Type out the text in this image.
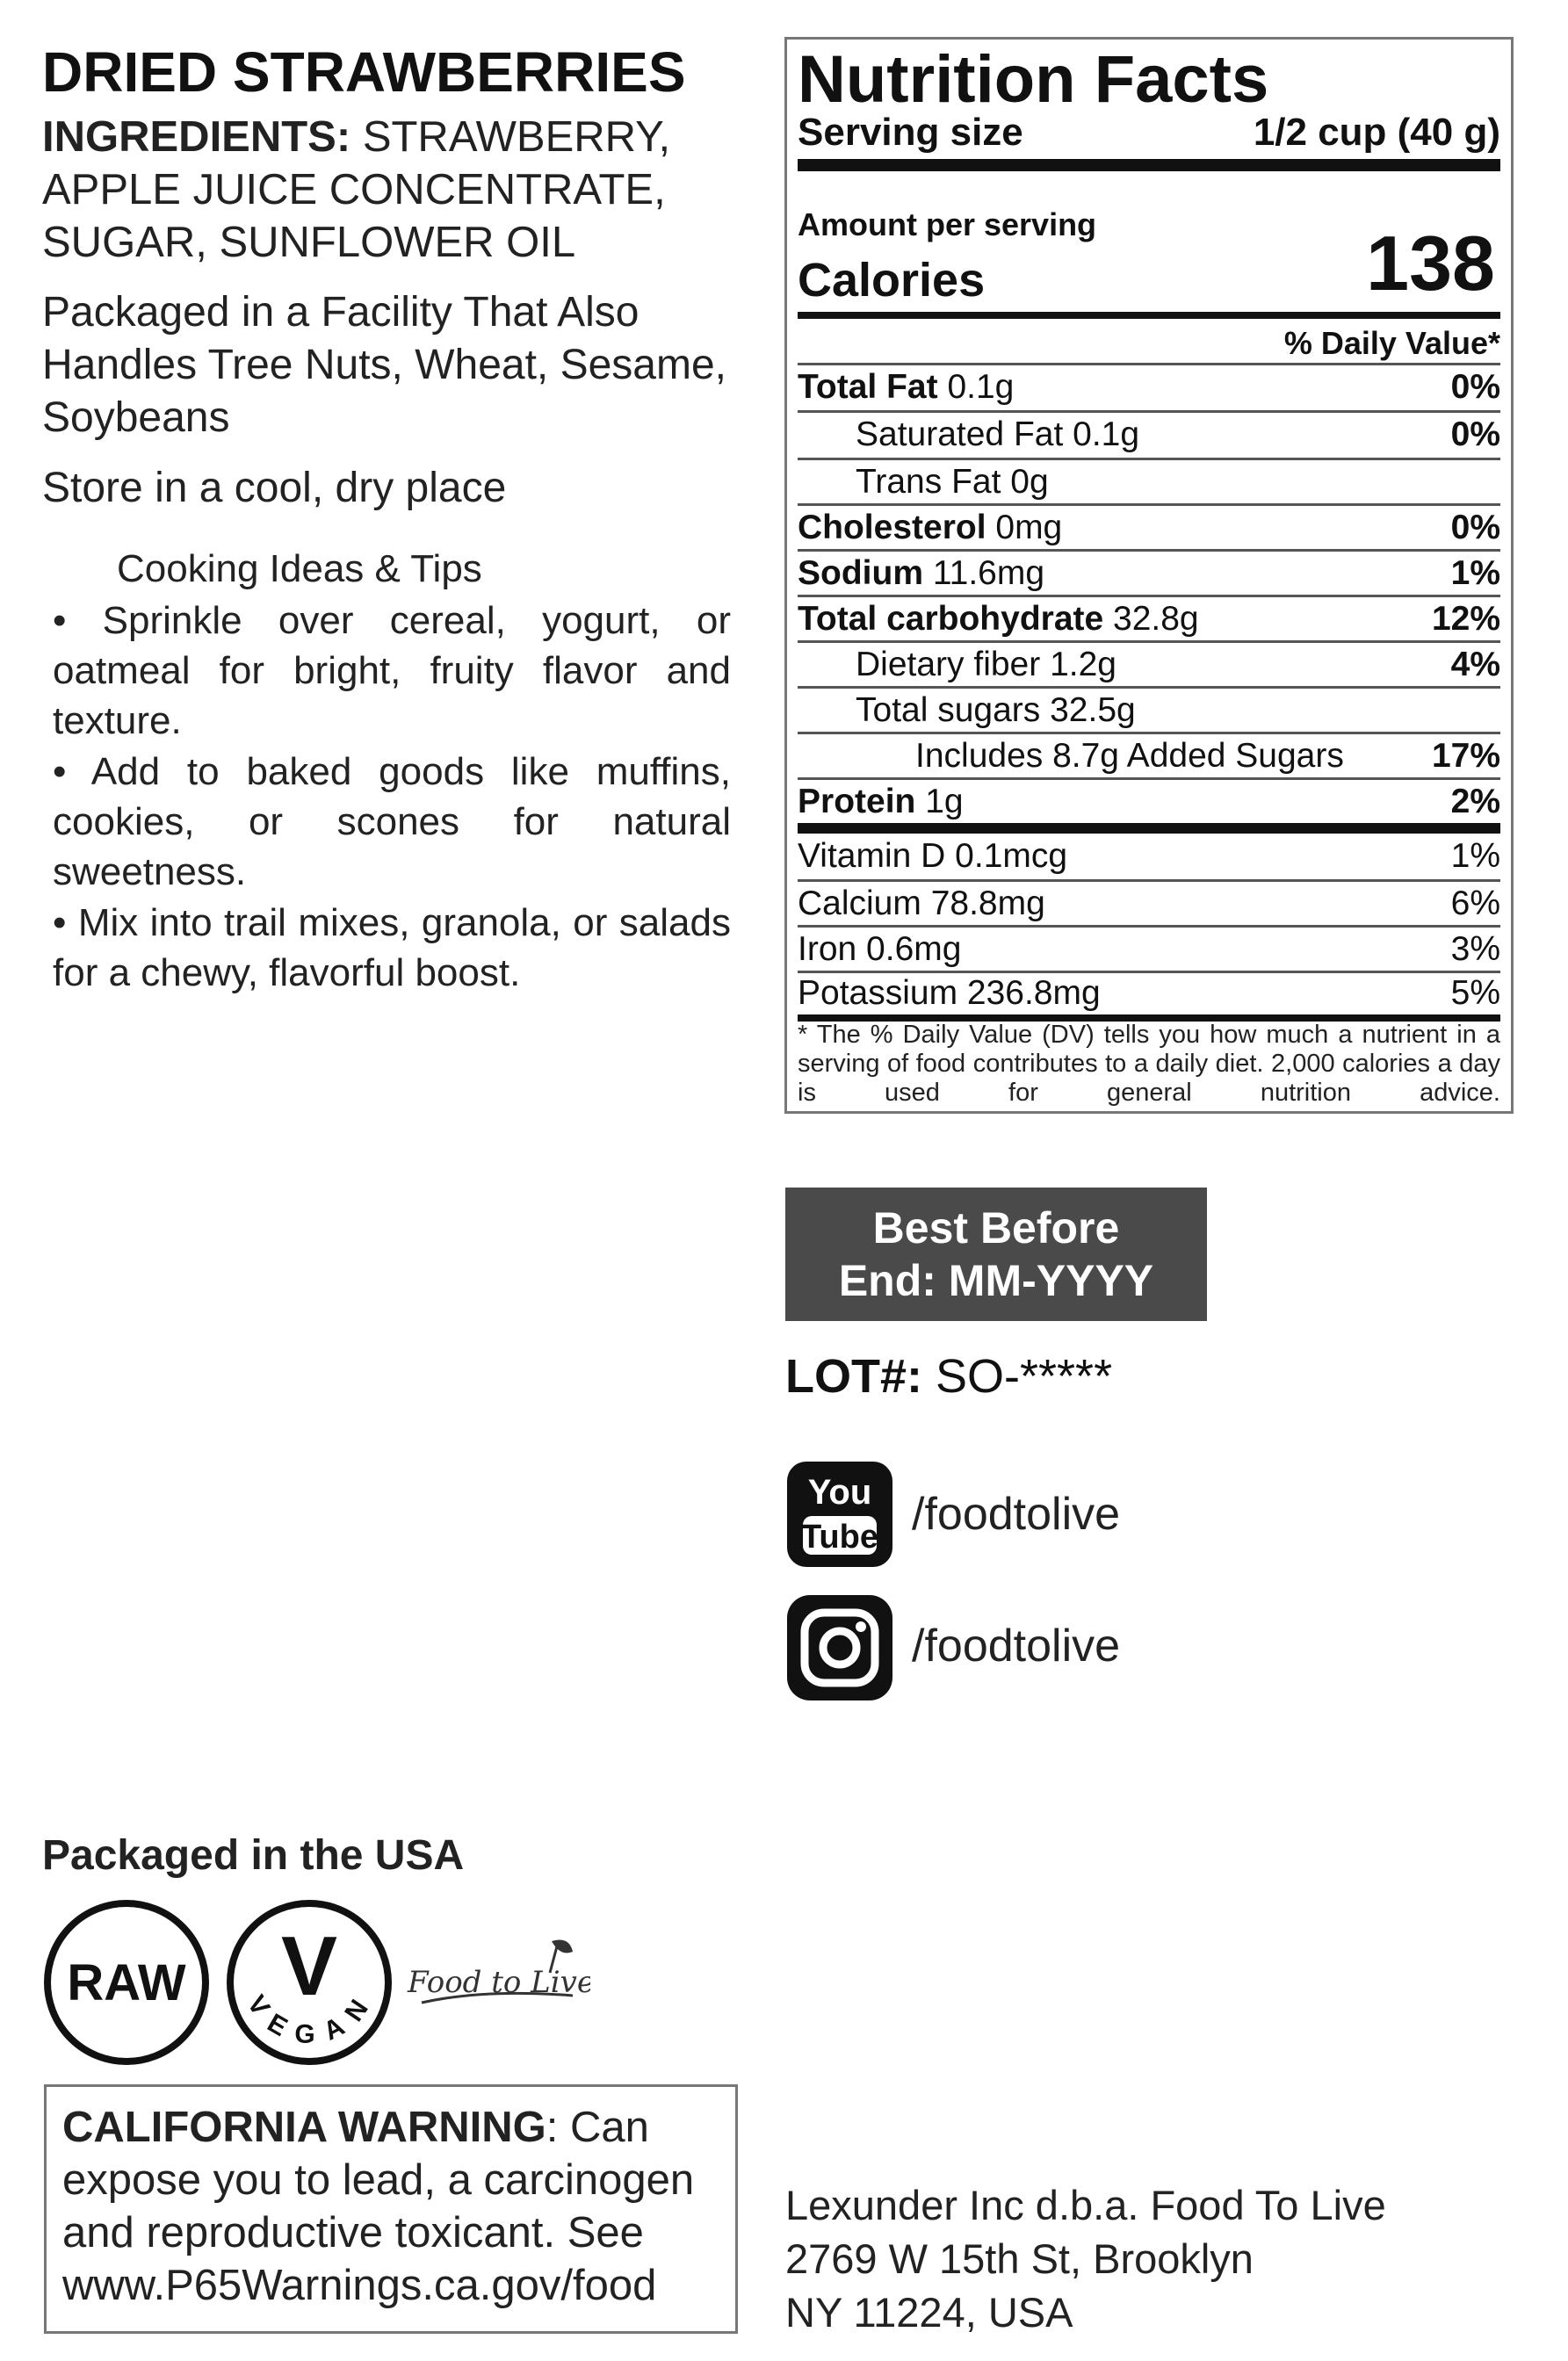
DRIED STRAWBERRIES
INGREDIENTS: STRAWBERRY, APPLE JUICE CONCENTRATE, SUGAR, SUNFLOWER OIL
Packaged in a Facility That Also Handles Tree Nuts, Wheat, Sesame, Soybeans
Store in a cool, dry place
Cooking Ideas & Tips
• Sprinkle over cereal, yogurt, or oatmeal for bright, fruity flavor and texture.
• Add to baked goods like muffins, cookies, or scones for natural sweetness.
• Mix into trail mixes, granola, or salads for a chewy, flavorful boost.
Packaged in the USA
RAW V
VEGAN
Food to Live
CALIFORNIA WARNING: Can expose you to lead, a carcinogen and reproductive toxicant. See www.P65Warnings.ca.gov/food
Nutrition Facts
Serving size	1/2 cup (40 g)
Amount per serving
Calories	138
% Daily Value*
Total Fat 0.1g	0%
Saturated Fat 0.1g	0%
Trans Fat 0g
Cholesterol 0mg	0%
Sodium 11.6mg	1%
Total carbohydrate 32.8g	12%
Dietary fiber 1.2g	4%
Total sugars 32.5g
Includes 8.7g Added Sugars	17%
Protein 1g	2%
Vitamin D 0.1mcg	1%
Calcium 78.8mg	6%
Iron 0.6mg	3%
Potassium 236.8mg	5%
* The % Daily Value (DV) tells you how much a nutrient in a serving of food contributes to a daily diet. 2,000 calories a day is used for general nutrition advice.
Best Before
End: MM-YYYY
LOT#: SO-*****
You
Tube /foodtolive
/foodtolive
Lexunder Inc d.b.a. Food To Live
2769 W 15th St, Brooklyn
NY 11224, USA
